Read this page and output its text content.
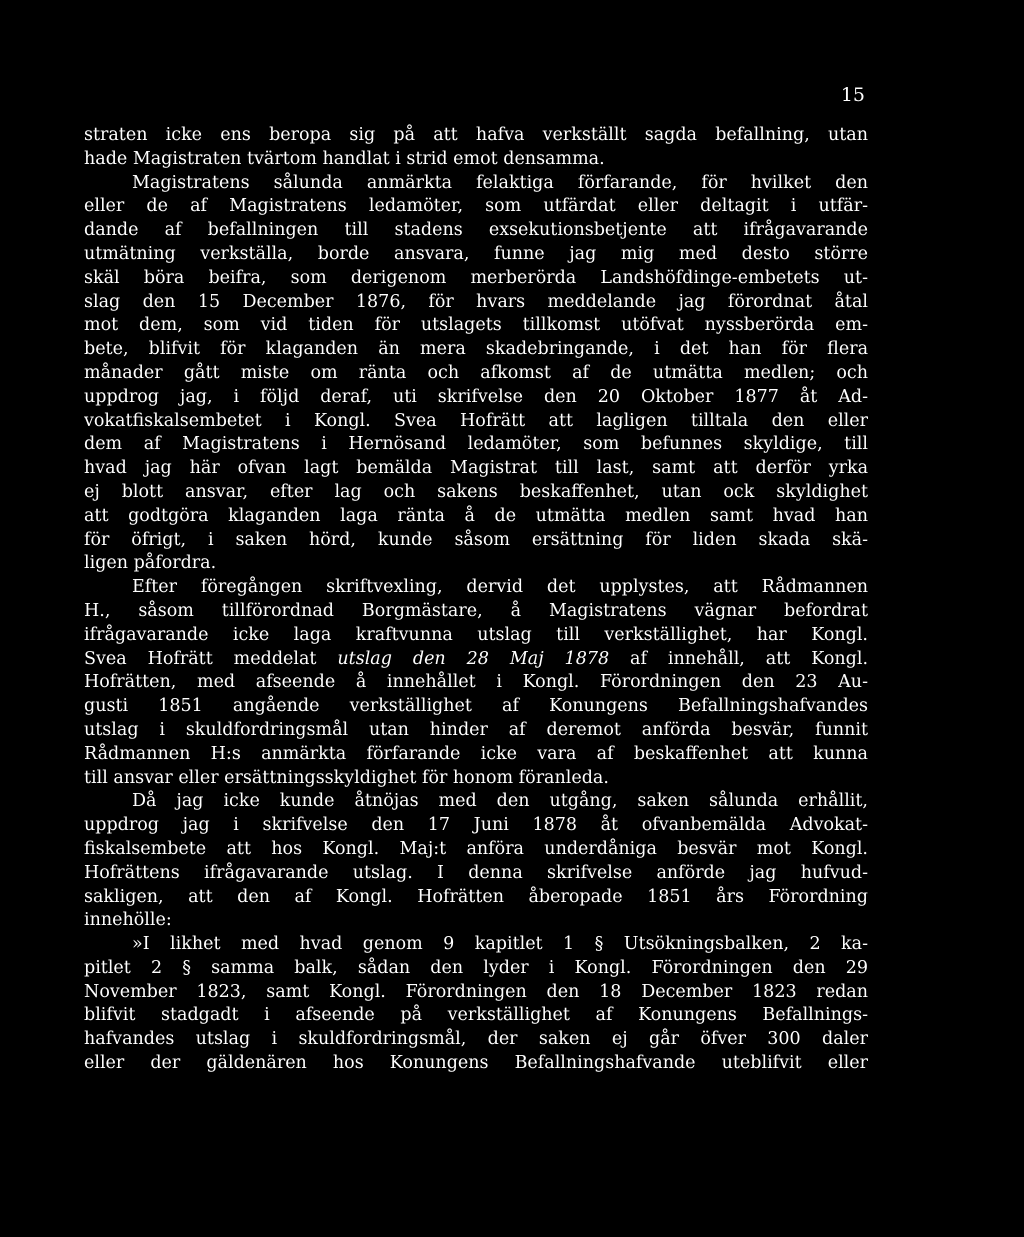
15
straten icke ens beropa sig på att hafva verkställt sagda befallning, utan
hade Magistraten tvärtom handlat i strid emot densamma.
Magistratens sålunda anmärkta felaktiga förfarande, för hvilket den
eller de af Magistratens ledamöter, som utfärdat eller deltagit i utfär-
dande af befallningen till stadens exsekutionsbetjente att ifrågavarande
utmätning verkställa, borde ansvara, funne jag mig med desto större
skäl böra beifra, som derigenom merberörda Landshöfdinge-embetets ut-
slag den 15 December 1876, för hvars meddelande jag förordnat åtal
mot dem, som vid tiden för utslagets tillkomst utöfvat nyssberörda em-
bete, blifvit för klaganden än mera skadebringande, i det han för flera
månader gått miste om ränta och afkomst af de utmätta medlen; och
uppdrog jag, i följd deraf, uti skrifvelse den 20 Oktober 1877 åt Ad-
vokatfiskalsembetet i Kongl. Svea Hofrätt att lagligen tilltala den eller
dem af Magistratens i Hernösand ledamöter, som befunnes skyldige, till
hvad jag här ofvan lagt bemälda Magistrat till last, samt att derför yrka
ej blott ansvar, efter lag och sakens beskaffenhet, utan ock skyldighet
att godtgöra klaganden laga ränta å de utmätta medlen samt hvad han
för öfrigt, i saken hörd, kunde såsom ersättning för liden skada skä-
ligen påfordra.
Efter föregången skriftvexling, dervid det upplystes, att Rådmannen
H., såsom tillförordnad Borgmästare, å Magistratens vägnar befordrat
ifrågavarande icke laga kraftvunna utslag till verkställighet, har Kongl.
Svea Hofrätt meddelat utslag den 28 Maj 1878 af innehåll, att Kongl.
Hofrätten, med afseende å innehållet i Kongl. Förordningen den 23 Au-
gusti 1851 angående verkställighet af Konungens Befallningshafvandes
utslag i skuldfordringsmål utan hinder af deremot anförda besvär, funnit
Rådmannen H:s anmärkta förfarande icke vara af beskaffenhet att kunna
till ansvar eller ersättningsskyldighet för honom föranleda.
Då jag icke kunde åtnöjas med den utgång, saken sålunda erhållit,
uppdrog jag i skrifvelse den 17 Juni 1878 åt ofvanbemälda Advokat-
fiskalsembete att hos Kongl. Maj:t anföra underdåniga besvär mot Kongl.
Hofrättens ifrågavarande utslag. I denna skrifvelse anförde jag hufvud-
sakligen, att den af Kongl. Hofrätten åberopade 1851 års Förordning
innehölle:
»I likhet med hvad genom 9 kapitlet 1 § Utsökningsbalken, 2 ka-
pitlet 2 § samma balk, sådan den lyder i Kongl. Förordningen den 29
November 1823, samt Kongl. Förordningen den 18 December 1823 redan
blifvit stadgadt i afseende på verkställighet af Konungens Befallnings-
hafvandes utslag i skuldfordringsmål, der saken ej går öfver 300 daler
eller der gäldenären hos Konungens Befallningshafvande uteblifvit eller
